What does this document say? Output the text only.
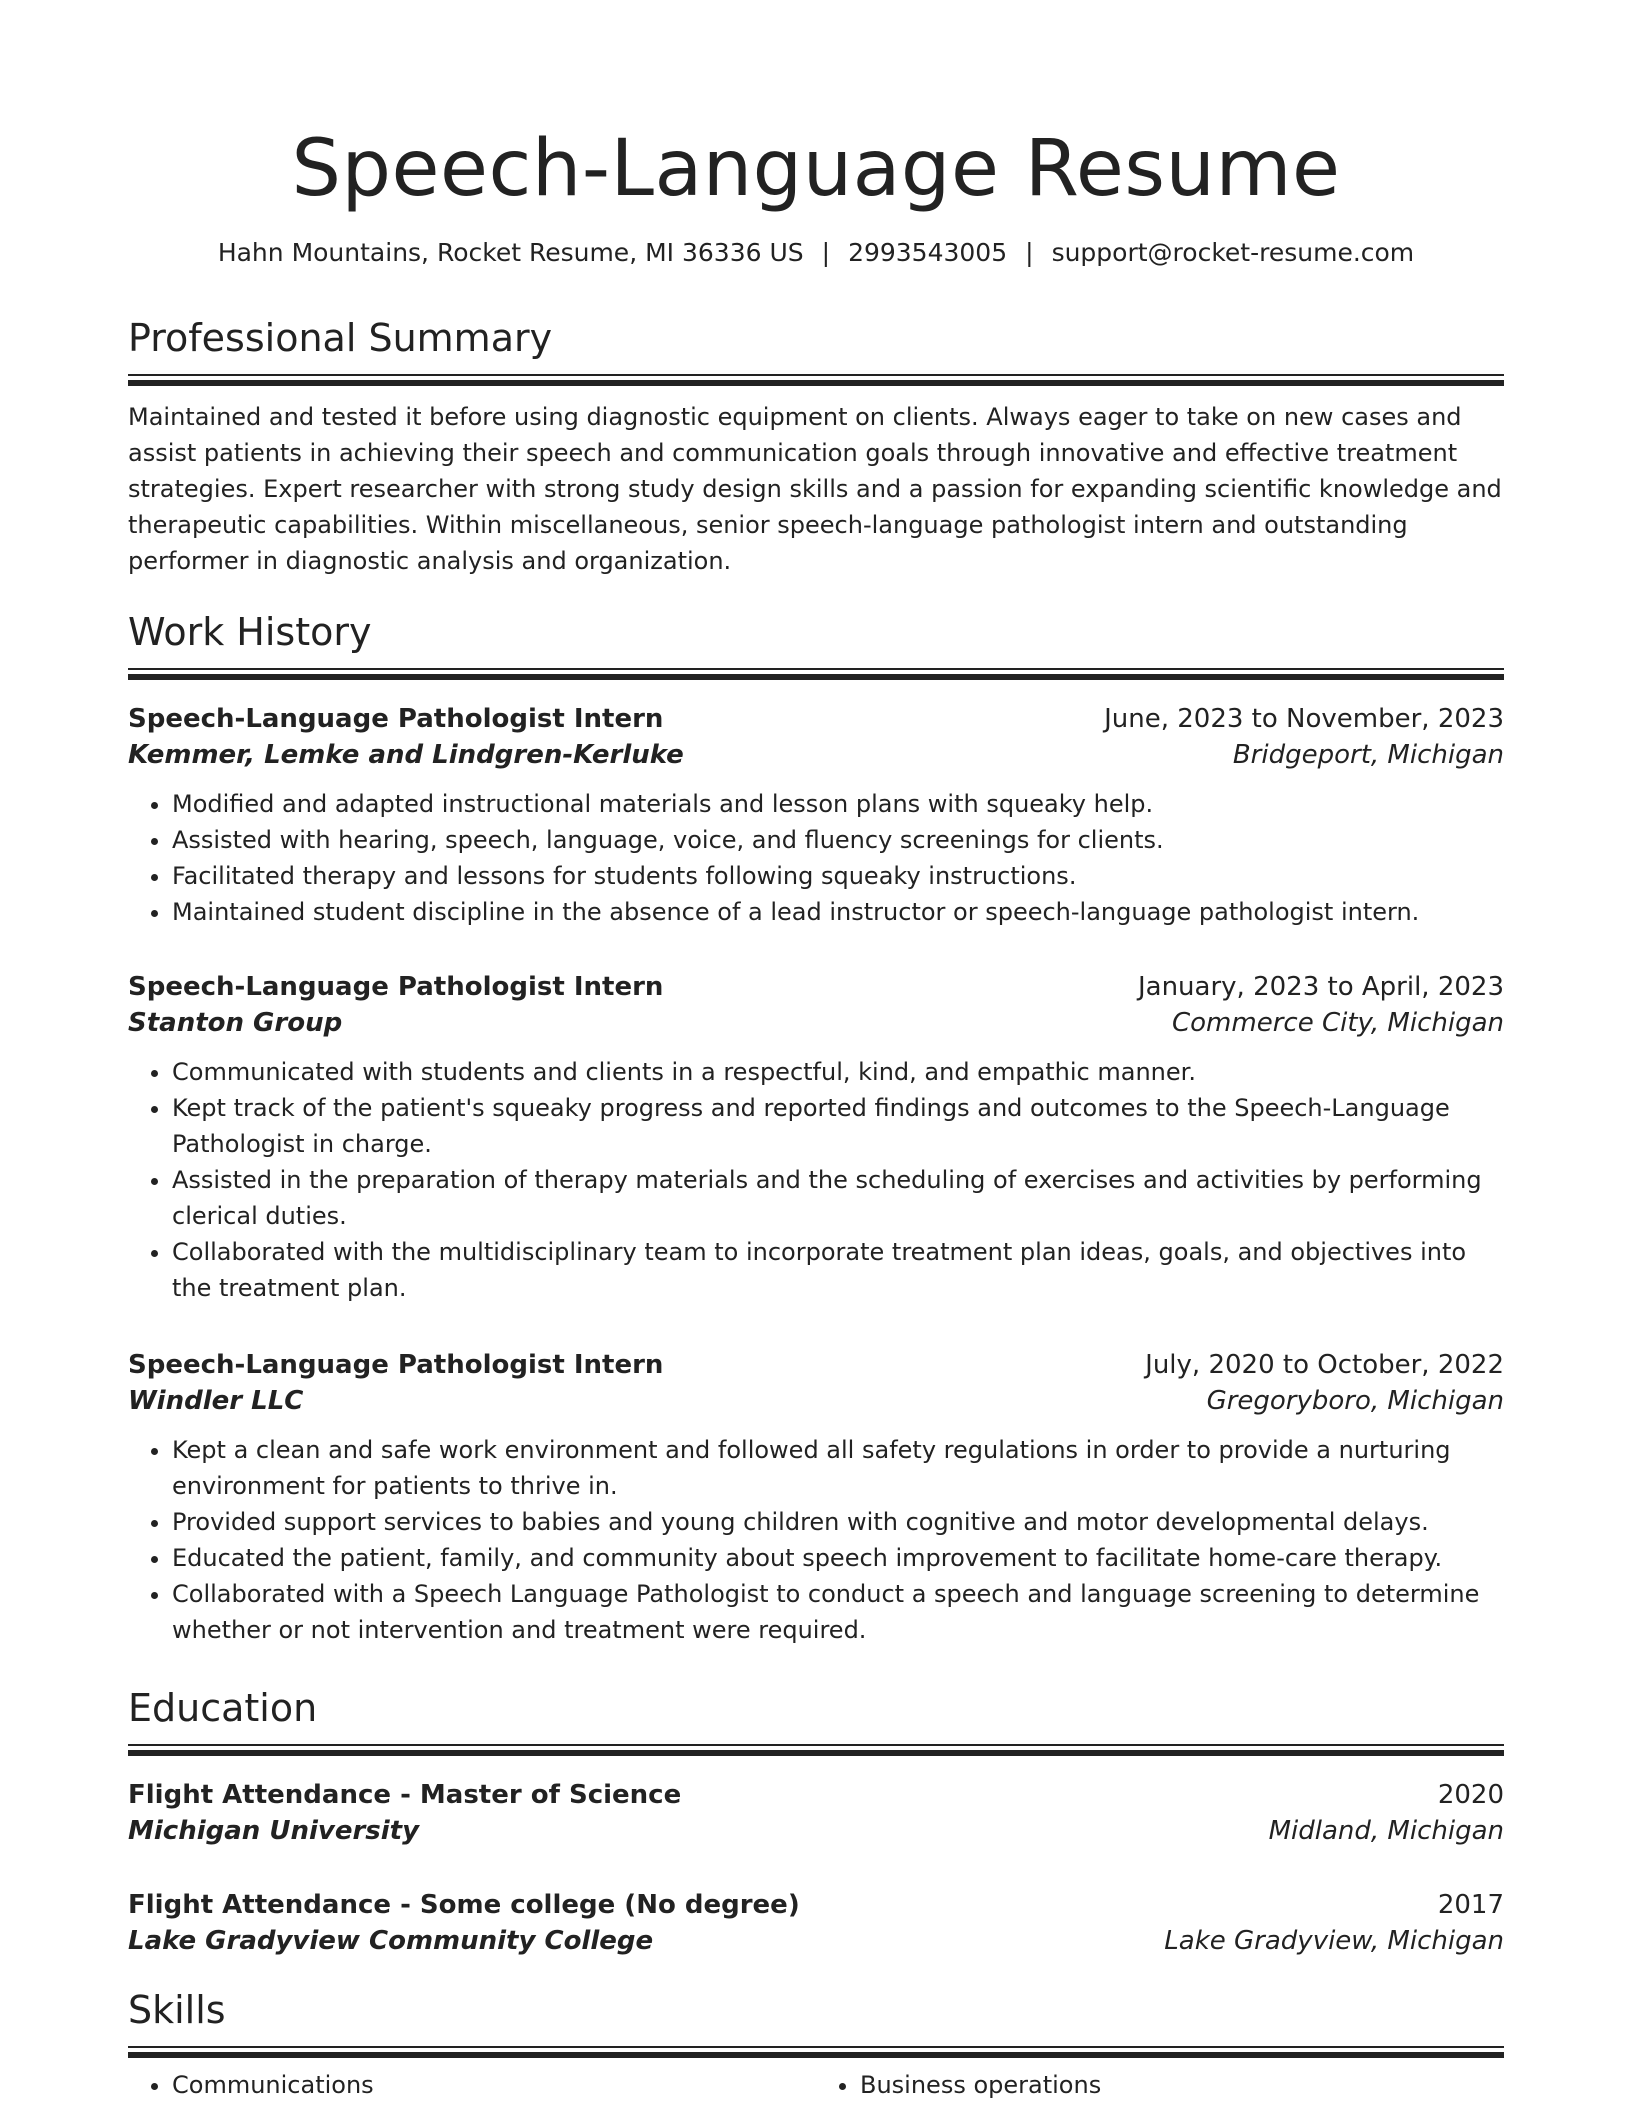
Speech-Language Resume
Hahn Mountains, Rocket Resume, MI 36336 US | 2993543005 | support@rocket-resume.com
Professional Summary

Maintained and tested it before using diagnostic equipment on clients. Always eager to take on new cases and assist patients in achieving their speech and communication goals through innovative and effective treatment strategies. Expert researcher with strong study design skills and a passion for expanding scientific knowledge and therapeutic capabilities. Within miscellaneous, senior speech-language pathologist intern and outstanding performer in diagnostic analysis and organization.

Work History
Speech-Language Pathologist Intern	June, 2023 to November, 2023
Kemmer, Lemke and Lindgren-Kerluke	Bridgeport, Michigan
• Modified and adapted instructional materials and lesson plans with squeaky help.
• Assisted with hearing, speech, language, voice, and fluency screenings for clients.
• Facilitated therapy and lessons for students following squeaky instructions.
• Maintained student discipline in the absence of a lead instructor or speech-language pathologist intern.
Speech-Language Pathologist Intern	January, 2023 to April, 2023
Stanton Group	Commerce City, Michigan
• Communicated with students and clients in a respectful, kind, and empathic manner.
• Kept track of the patient's squeaky progress and reported findings and outcomes to the Speech-Language Pathologist in charge.
• Assisted in the preparation of therapy materials and the scheduling of exercises and activities by performing clerical duties.
• Collaborated with the multidisciplinary team to incorporate treatment plan ideas, goals, and objectives into the treatment plan.
Speech-Language Pathologist Intern	July, 2020 to October, 2022
Windler LLC	Gregoryboro, Michigan
• Kept a clean and safe work environment and followed all safety regulations in order to provide a nurturing environment for patients to thrive in.
• Provided support services to babies and young children with cognitive and motor developmental delays.
• Educated the patient, family, and community about speech improvement to facilitate home-care therapy.
• Collaborated with a Speech Language Pathologist to conduct a speech and language screening to determine whether or not intervention and treatment were required.
Education
Flight Attendance - Master of Science	2020
Michigan University	Midland, Michigan
Flight Attendance - Some college (No degree)	2017
Lake Gradyview Community College	Lake Gradyview, Michigan
Skills
• Communications
•	Business operations
